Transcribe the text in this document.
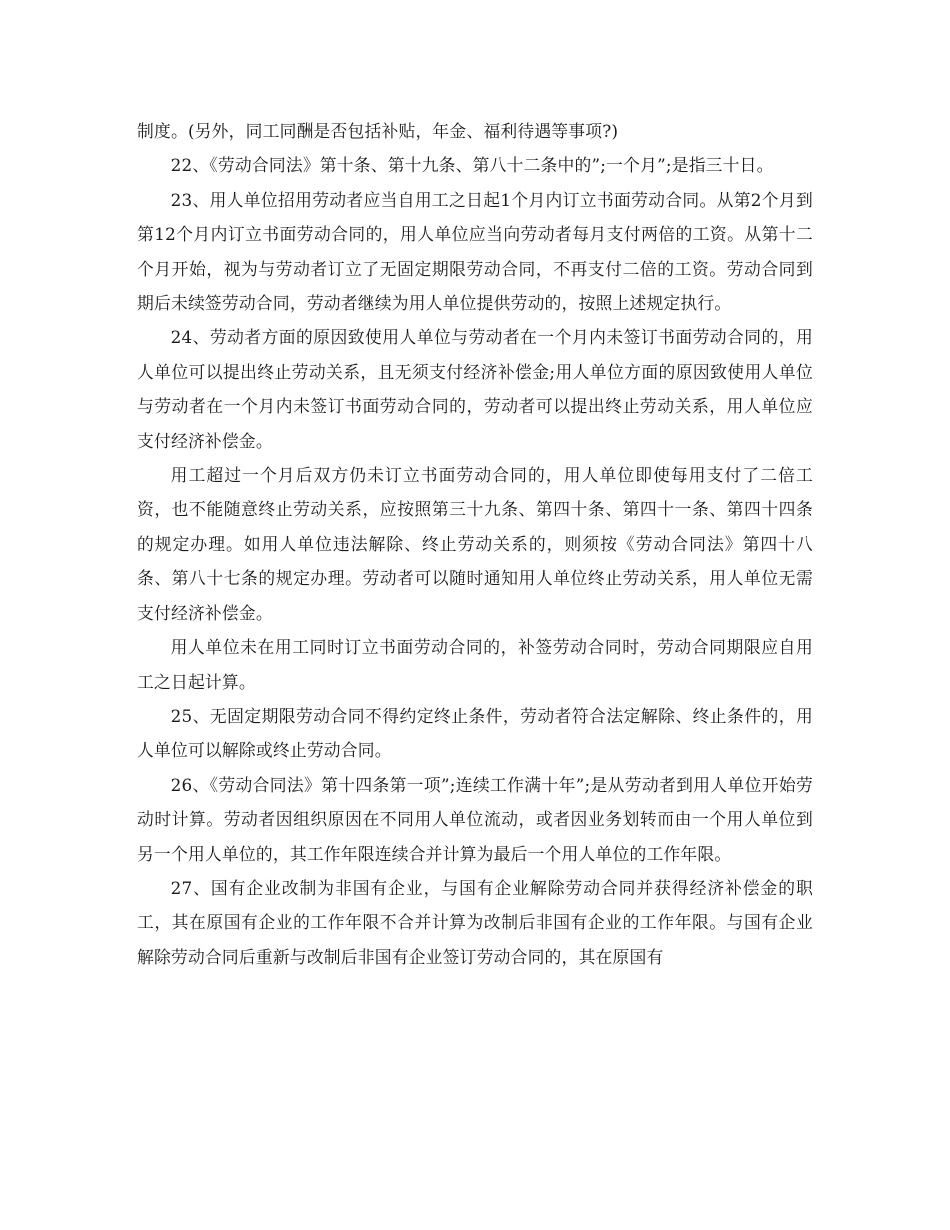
制度。(另外，同工同酬是否包括补贴，年金、福利待遇等事项?)

22、《劳动合同法》第十条、第十九条、第八十二条中的”;一个月”;是指三十日。

23、用人单位招用劳动者应当自用工之日起1个月内订立书面劳动合同。从第2个月到第12个月内订立书面劳动合同的，用人单位应当向劳动者每月支付两倍的工资。从第十二个月开始，视为与劳动者订立了无固定期限劳动合同，不再支付二倍的工资。劳动合同到期后未续签劳动合同，劳动者继续为用人单位提供劳动的，按照上述规定执行。

24、劳动者方面的原因致使用人单位与劳动者在一个月内未签订书面劳动合同的，用人单位可以提出终止劳动关系，且无须支付经济补偿金;用人单位方面的原因致使用人单位与劳动者在一个月内未签订书面劳动合同的，劳动者可以提出终止劳动关系，用人单位应支付经济补偿金。

用工超过一个月后双方仍未订立书面劳动合同的，用人单位即使每用支付了二倍工资，也不能随意终止劳动关系，应按照第三十九条、第四十条、第四十一条、第四十四条的规定办理。如用人单位违法解除、终止劳动关系的，则须按《劳动合同法》第四十八条、第八十七条的规定办理。劳动者可以随时通知用人单位终止劳动关系，用人单位无需支付经济补偿金。

用人单位未在用工同时订立书面劳动合同的，补签劳动合同时，劳动合同期限应自用工之日起计算。

25、无固定期限劳动合同不得约定终止条件，劳动者符合法定解除、终止条件的，用人单位可以解除或终止劳动合同。

26、《劳动合同法》第十四条第一项”;连续工作满十年”;是从劳动者到用人单位开始劳动时计算。劳动者因组织原因在不同用人单位流动，或者因业务划转而由一个用人单位到另一个用人单位的，其工作年限连续合并计算为最后一个用人单位的工作年限。

27、国有企业改制为非国有企业，与国有企业解除劳动合同并获得经济补偿金的职工，其在原国有企业的工作年限不合并计算为改制后非国有企业的工作年限。与国有企业解除劳动合同后重新与改制后非国有企业签订劳动合同的，其在原国有
